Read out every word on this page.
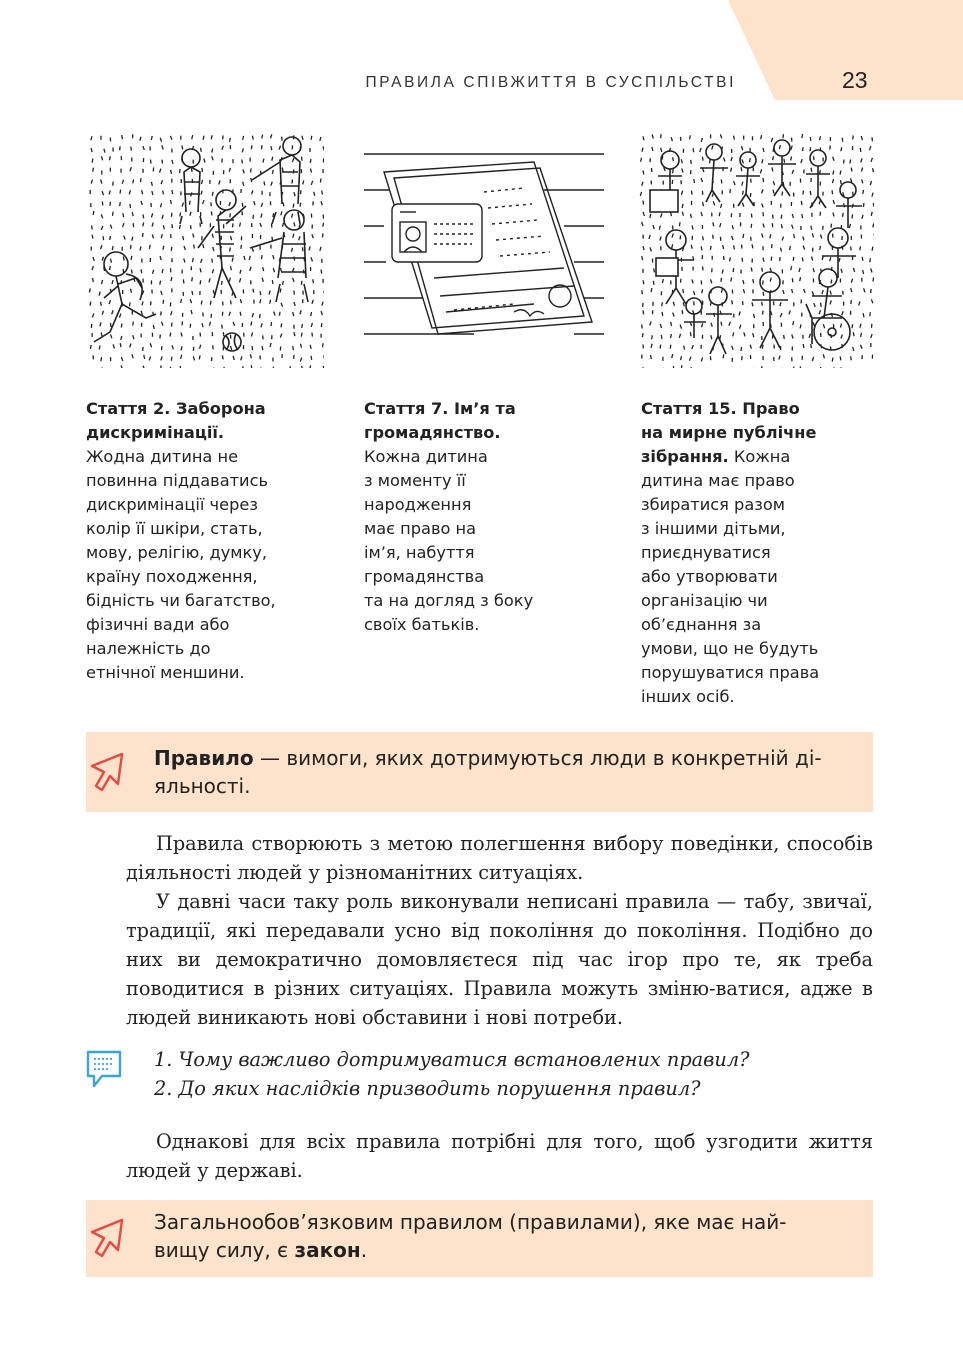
ПРАВИЛА СПІВЖИТТЯ В СУСПІЛЬСТВІ	23
Стаття 2. Заборона
дискримінації.
Жодна дитина не
повинна піддаватись
дискримінації через
колір її шкіри, стать,
мову, релігію, думку,
країну походження,
бідність чи багатство,
фізичні вади або
належність до
етнічної меншини.
Стаття 7. Ім’я та
громадянство.
Кожна дитина
з моменту її
народження
має право на
ім’я, набуття
громадянства
та на догляд з боку
своїх батьків.
Стаття 15. Право
на мирне публічне
зібрання. Кожна
дитина має право
збиратися разом
з іншими дітьми,
приєднуватися
або утворювати
організацію чи
об’єднання за
умови, що не будуть
порушуватися права
інших осіб.
Правило — вимоги, яких дотримуються люди в конкретній ді-
яльності.

Правила створюють з метою полегшення вибору поведінки, способів діяльності людей у різноманітних ситуаціях.

У давні часи таку роль виконували неписані правила — табу, звичаї, традиції, які передавали усно від покоління до покоління. Подібно до них ви демократично домовляєтеся під час ігор про те, як треба поводитися в різних ситуаціях. Правила можуть зміню-ватися, адже в людей виникають нові обставини і нові потреби.

1. Чому важливо дотримуватися встановлених правил?
2. До яких наслідків призводить порушення правил?

Однакові для всіх правила потрібні для того, щоб узгодити життя людей у державі.

Загальнообов’язковим правилом (правилами), яке має най-
вищу силу, є закон.
